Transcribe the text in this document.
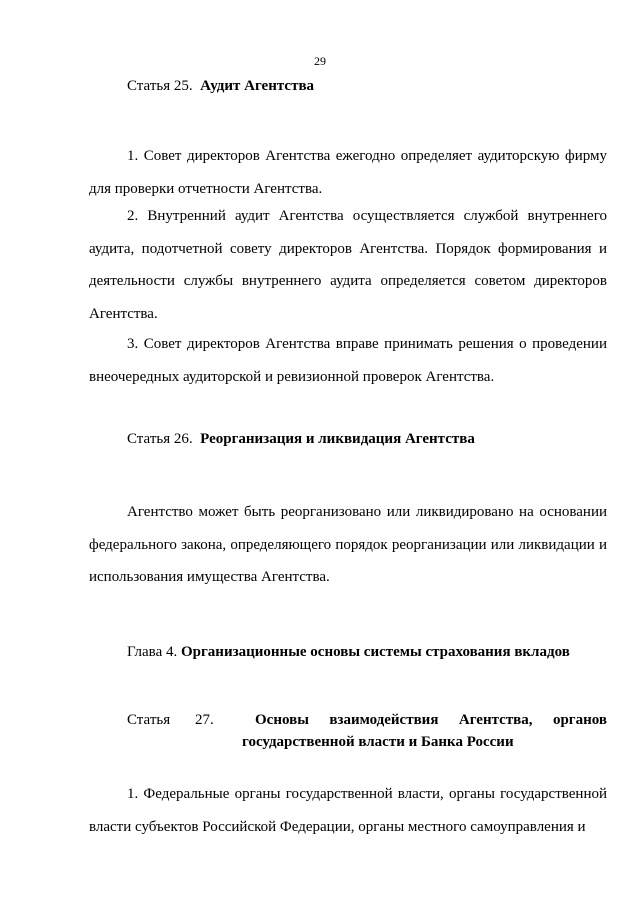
29
Статья 25. Аудит Агентства

1. Совет директоров Агентства ежегодно определяет аудиторскую фирму для проверки отчетности Агентства.

2. Внутренний аудит Агентства осуществляется службой внутреннего аудита, подотчетной совету директоров Агентства. Порядок формирования и деятельности службы внутреннего аудита определяется советом директоров Агентства.

3. Совет директоров Агентства вправе принимать решения о проведении внеочередных аудиторской и ревизионной проверок Агентства.

Статья 26. Реорганизация и ликвидация Агентства

Агентство может быть реорганизовано или ликвидировано на основании федерального закона, определяющего порядок реорганизации или ликвидации и использования имущества Агентства.

Глава 4. Организационные основы системы страхования вкладов
Статья 27.	Основы взаимодействия Агентства, органов
государственной власти и Банка России

1. Федеральные органы государственной власти, органы государственной власти субъектов Российской Федерации, органы местного самоуправления и
